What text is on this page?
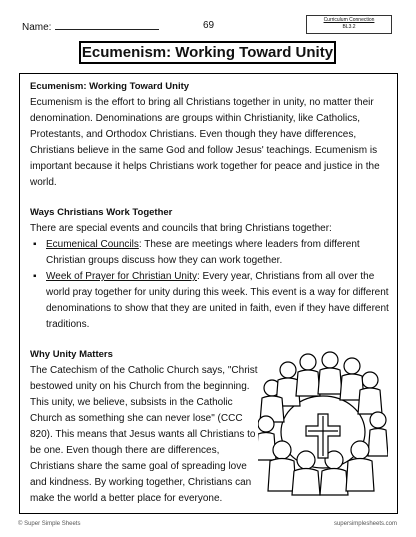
Name:	69	Curriculum Connection
BL3.2
Ecumenism: Working Toward Unity
Ecumenism: Working Toward Unity

Ecumenism is the effort to bring all Christians together in unity, no matter their denomination. Denominations are groups within Christianity, like Catholics, Protestants, and Orthodox Christians. Even though they have differences, Christians believe in the same God and follow Jesus' teachings. Ecumenism is important because it helps Christians work together for peace and justice in the world.

Ways Christians Work Together

There are special events and councils that bring Christians together:

▪ Ecumenical Councils: These are meetings where leaders from different Christian groups discuss how they can work together.
▪ Week of Prayer for Christian Unity: Every year, Christians from all over the world pray together for unity during this week. This event is a way for different denominations to show that they are united in faith, even if they have different traditions.
Why Unity Matters

The Catechism of the Catholic Church says, "Christ bestowed unity on his Church from the beginning. This unity, we believe, subsists in the Catholic Church as something she can never lose" (CCC 820). This means that Jesus wants all Christians to be one. Even though there are differences, Christians share the same goal of spreading love and kindness. By working together, Christians can make the world a better place for everyone.

© Super Simple Sheets	supersimplesheets.com
